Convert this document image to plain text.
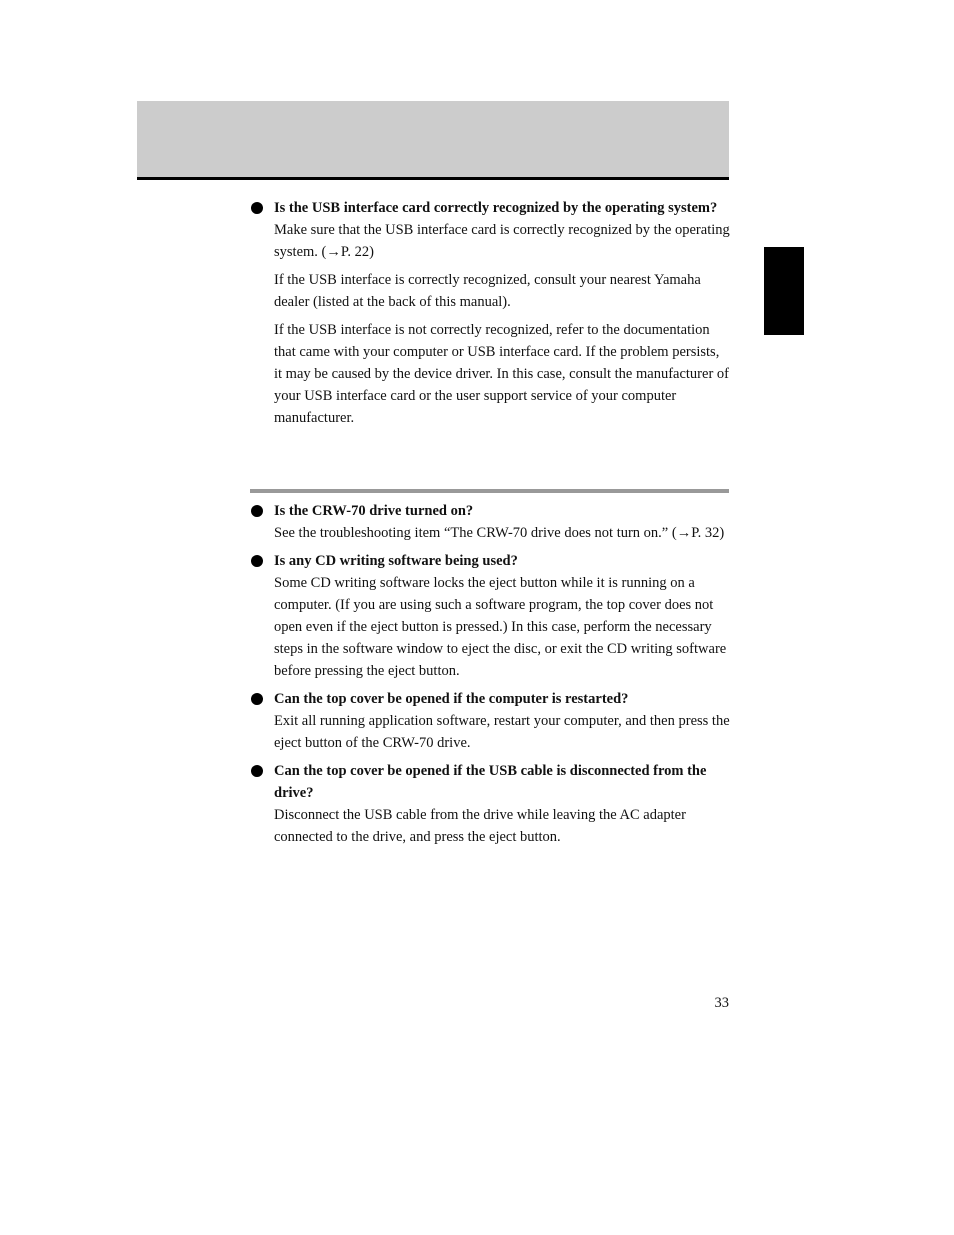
Is the USB interface card correctly recognized by the operating system?

Make sure that the USB interface card is correctly recognized by the operating system. (→P. 22)

If the USB interface is correctly recognized, consult your nearest Yamaha dealer (listed at the back of this manual).

If the USB interface is not correctly recognized, refer to the documentation that came with your computer or USB interface card. If the problem persists, it may be caused by the device driver. In this case, consult the manufacturer of your USB interface card or the user support service of your computer manufacturer.

Is the CRW-70 drive turned on?

See the troubleshooting item “The CRW-70 drive does not turn on.” (→P. 32)

Is any CD writing software being used?

Some CD writing software locks the eject button while it is running on a computer. (If you are using such a software program, the top cover does not open even if the eject button is pressed.) In this case, perform the necessary steps in the software window to eject the disc, or exit the CD writing software before pressing the eject button.

Can the top cover be opened if the computer is restarted?

Exit all running application software, restart your computer, and then press the eject button of the CRW-70 drive.

Can the top cover be opened if the USB cable is disconnected from the drive?

Disconnect the USB cable from the drive while leaving the AC adapter connected to the drive, and press the eject button.

33
